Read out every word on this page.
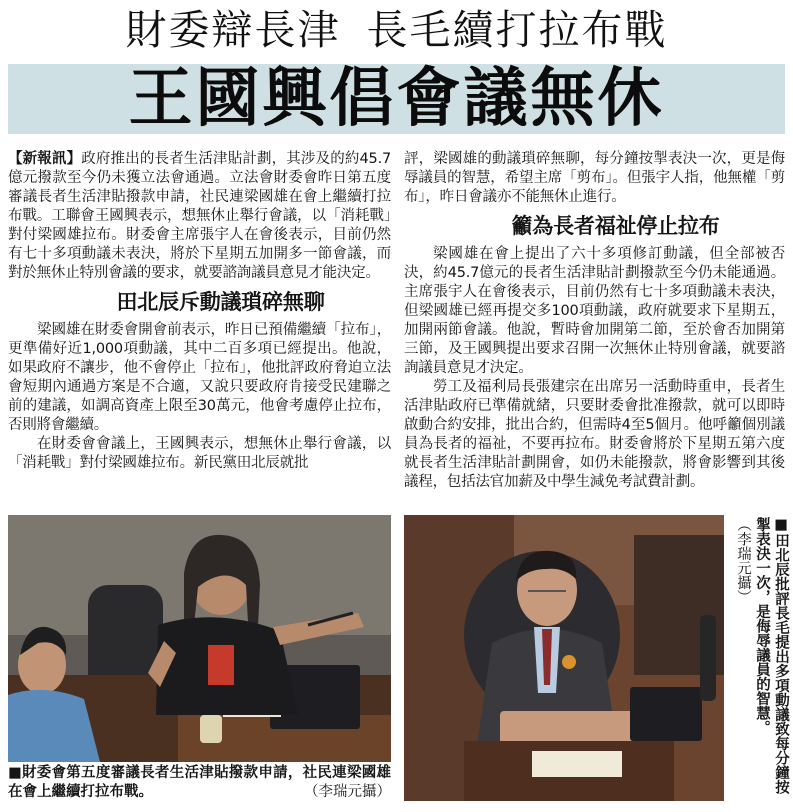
財委辯長津 長毛續打拉布戰
王國興倡會議無休

【新報訊】政府推出的長者生活津貼計劃，其涉及的約45.7億元撥款至今仍未獲立法會通過。立法會財委會昨日第五度審議長者生活津貼撥款申請，社民連梁國雄在會上繼續打拉布戰。工聯會王國興表示，想無休止舉行會議，以「消耗戰」對付梁國雄拉布。財委會主席張宇人在會後表示，目前仍然有七十多項動議未表決，將於下星期五加開多一節會議，而對於無休止特別會議的要求，就要諮詢議員意見才能決定。

田北辰斥動議瑣碎無聊

梁國雄在財委會開會前表示，昨日已預備繼續「拉布」，更準備好近1,000項動議，其中二百多項已經提出。他說，如果政府不讓步，他不會停止「拉布」，他批評政府脅迫立法會短期內通過方案是不合適，又說只要政府肯接受民建聯之前的建議，如調高資產上限至30萬元，他會考慮停止拉布，否則將會繼續。

在財委會會議上，王國興表示，想無休止舉行會議，以「消耗戰」對付梁國雄拉布。新民黨田北辰就批

評，梁國雄的動議瑣碎無聊，每分鐘按掣表決一次，更是侮辱議員的智慧，希望主席「剪布」。但張宇人指，他無權「剪布」，昨日會議亦不能無休止進行。

籲為長者福祉停止拉布

梁國雄在會上提出了六十多項修訂動議，但全部被否決，約45.7億元的長者生活津貼計劃撥款至今仍未能通過。主席張宇人在會後表示，目前仍然有七十多項動議未表決，但梁國雄已經再提交多100項動議，政府就要求下星期五，加開兩節會議。他說，暫時會加開第二節，至於會否加開第三節，及王國興提出要求召開一次無休止特別會議，就要諮詢議員意見才決定。

勞工及福利局長張建宗在出席另一活動時重申，長者生活津貼政府已準備就緒，只要財委會批准撥款，就可以即時啟動合約安排，批出合約，但需時4至5個月。他呼籲個別議員為長者的福祉，不要再拉布。財委會將於下星期五第六度就長者生活津貼計劃開會，如仍未能撥款，將會影響到其後議程，包括法官加薪及中學生減免考試費計劃。

■財委會第五度審議長者生活津貼撥款申請，社民連梁國雄在會上繼續打拉布戰。	（李瑞元攝）	■田北辰批評長毛提出多項動議致每分鐘按掣表決一次，是侮辱議員的智慧。（李瑞元攝）
